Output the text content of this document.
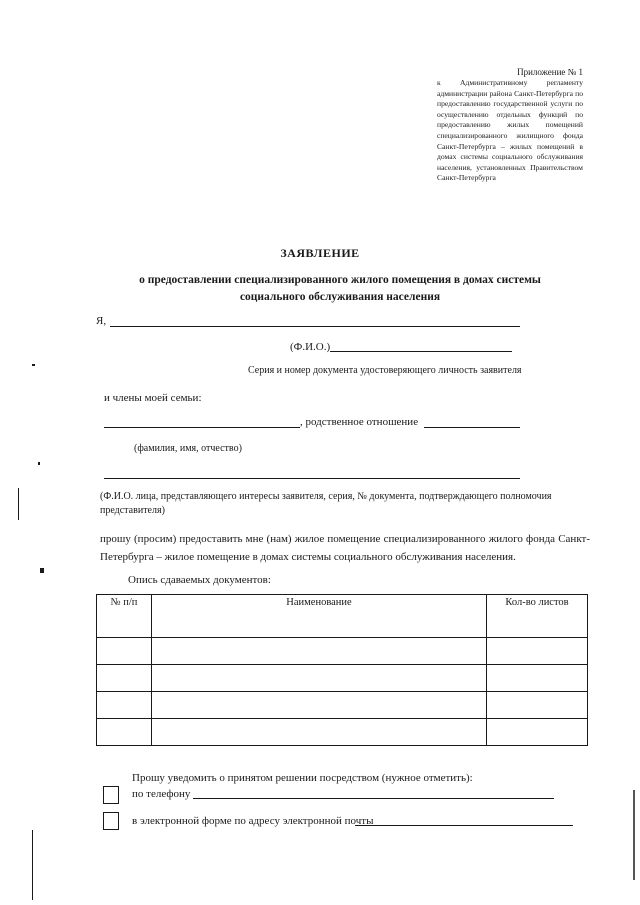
Приложение № 1
к Административному регламенту администрации района Санкт-Петербурга по предоставлению государственной услуги по осуществлению отдельных функций по предоставлению жилых помещений специализированного жилищного фонда Санкт-Петербурга – жилых помещений в домах системы социального обслуживания населения, установленных Правительством Санкт-Петербурга
ЗАЯВЛЕНИЕ
о предоставлении специализированного жилого помещения в домах системы социального обслуживания населения
Я,
(Ф.И.О.)
Серия и номер документа удостоверяющего личность заявителя
и члены моей семьи:
, родственное отношение
(фамилия, имя, отчество)
(Ф.И.О. лица, представляющего интересы заявителя, серия, № документа, подтверждающего полномочия представителя)
прошу (просим) предоставить мне (нам) жилое помещение специализированного жилого фонда Санкт-Петербурга – жилое помещение в домах системы социального обслуживания населения.
Опись сдаваемых документов:
№ п/п	Наименование	Кол-во листов

Прошу уведомить о принятом решении посредством (нужное отметить):
по телефону
в электронной форме по адресу электронной почты
